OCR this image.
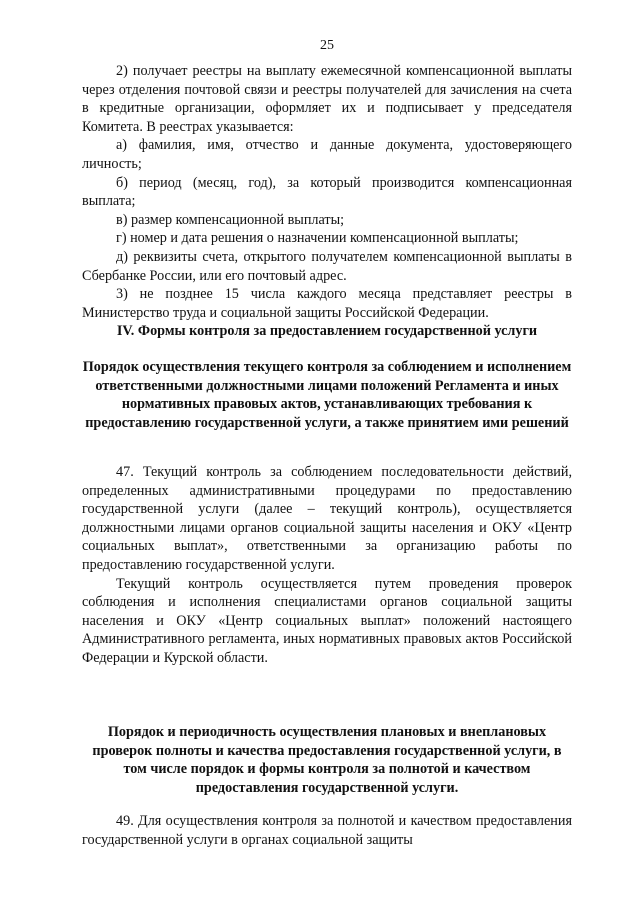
25

2) получает реестры на выплату ежемесячной компенсационной выплаты через отделения почтовой связи и реестры получателей для зачисления на счета в кредитные организации, оформляет их и подписывает у председателя Комитета. В реестрах указывается:

а) фамилия, имя, отчество и данные документа, удостоверяющего личность;

б) период (месяц, год), за который производится компенсационная выплата;

в) размер компенсационной выплаты;

г) номер и дата решения о назначении компенсационной выплаты;

д) реквизиты счета, открытого получателем компенсационной выплаты в Сбербанке России, или его почтовый адрес.

3) не позднее 15 числа каждого месяца представляет реестры в Министерство труда и социальной защиты Российской Федерации.

IV. Формы контроля за предоставлением государственной услуги
Порядок осуществления текущего контроля за соблюдением и исполнением ответственными должностными лицами положений Регламента и иных нормативных правовых актов, устанавливающих требования к предоставлению государственной услуги, а также принятием ими решений

47. Текущий контроль за соблюдением последовательности действий, определенных административными процедурами по предоставлению государственной услуги (далее – текущий контроль), осуществляется должностными лицами органов социальной защиты населения и ОКУ «Центр социальных выплат», ответственными за организацию работы по предоставлению государственной услуги.

Текущий контроль осуществляется путем проведения проверок соблюдения и исполнения специалистами органов социальной защиты населения и ОКУ «Центр социальных выплат» положений настоящего Административного регламента, иных нормативных правовых актов Российской Федерации и Курской области.

Порядок и периодичность осуществления плановых и внеплановых проверок полноты и качества предоставления государственной услуги, в том числе порядок и формы контроля за полнотой и качеством предоставления государственной услуги.

49. Для осуществления контроля за полнотой и качеством предоставления государственной услуги в органах социальной защиты
